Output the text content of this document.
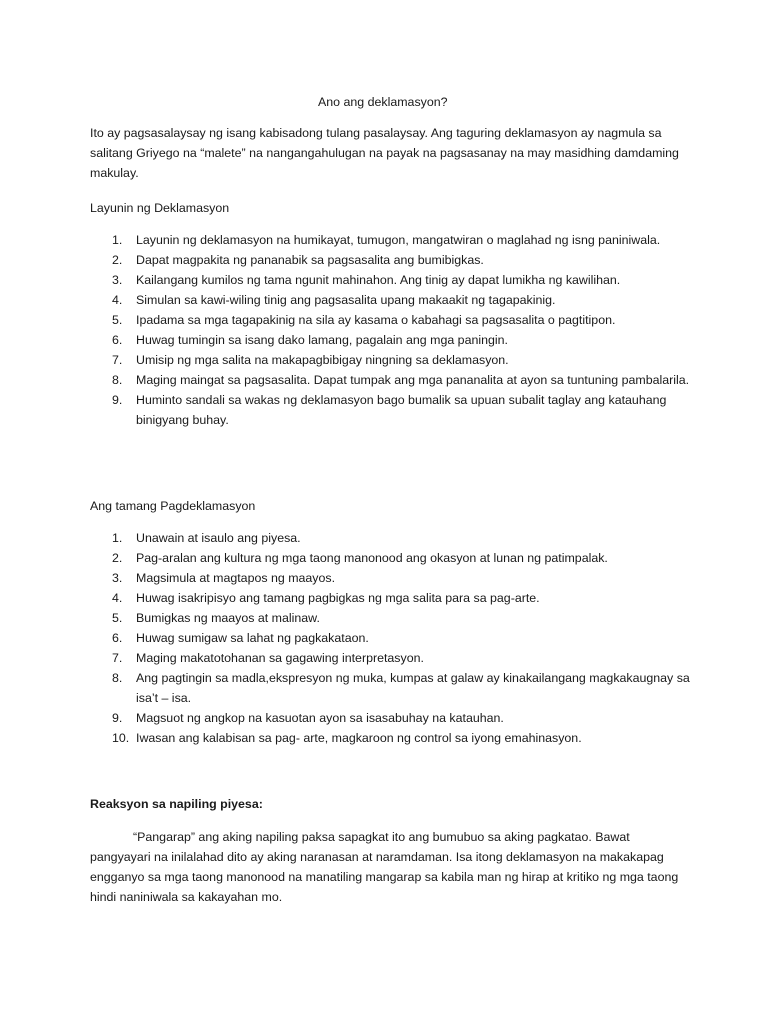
Ano ang deklamasyon?

Ito ay pagsasalaysay ng isang kabisadong tulang pasalaysay. Ang taguring deklamasyon ay nagmula sa salitang Griyego na “malete” na nangangahulugan na payak na pagsasanay na may masidhing damdaming makulay.

Layunin ng Deklamasyon
1. Layunin ng deklamasyon na humikayat, tumugon, mangatwiran o maglahad ng isng paniniwala.
2. Dapat magpakita ng pananabik sa pagsasalita ang bumibigkas.
3. Kailangang kumilos ng tama ngunit mahinahon. Ang tinig ay dapat lumikha ng kawilihan.
4. Simulan sa kawi-wiling tinig ang pagsasalita upang makaakit ng tagapakinig.
5. Ipadama sa mga tagapakinig na sila ay kasama o kabahagi sa pagsasalita o pagtitipon.
6. Huwag tumingin sa isang dako lamang, pagalain ang mga paningin.
7. Umisip ng mga salita na makapagbibigay ningning sa deklamasyon.
8. Maging maingat sa pagsasalita. Dapat tumpak ang mga pananalita at ayon sa tuntuning pambalarila.
9. Huminto sandali sa wakas ng deklamasyon bago bumalik sa upuan subalit taglay ang katauhang binigyang buhay.
Ang tamang Pagdeklamasyon
1. Unawain at isaulo ang piyesa.
2. Pag-aralan ang kultura ng mga taong manonood ang okasyon at lunan ng patimpalak.
3. Magsimula at magtapos ng maayos.
4. Huwag isakripisyo ang tamang pagbigkas ng mga salita para sa pag-arte.
5. Bumigkas ng maayos at malinaw.
6. Huwag sumigaw sa lahat ng pagkakataon.
7. Maging makatotohanan sa gagawing interpretasyon.
8. Ang pagtingin sa madla,ekspresyon ng muka, kumpas at galaw ay kinakailangang magkakaugnay sa isa’t – isa.
9. Magsuot ng angkop na kasuotan ayon sa isasabuhay na katauhan.
10. Iwasan ang kalabisan sa pag- arte, magkaroon ng control sa iyong emahinasyon.
Reaksyon sa napiling piyesa:

“Pangarap” ang aking napiling paksa sapagkat ito ang bumubuo sa aking pagkatao. Bawat pangyayari na inilalahad dito ay aking naranasan at naramdaman. Isa itong deklamasyon na makakapag engganyo sa mga taong manonood na manatiling mangarap sa kabila man ng hirap at kritiko ng mga taong hindi naniniwala sa kakayahan mo.
